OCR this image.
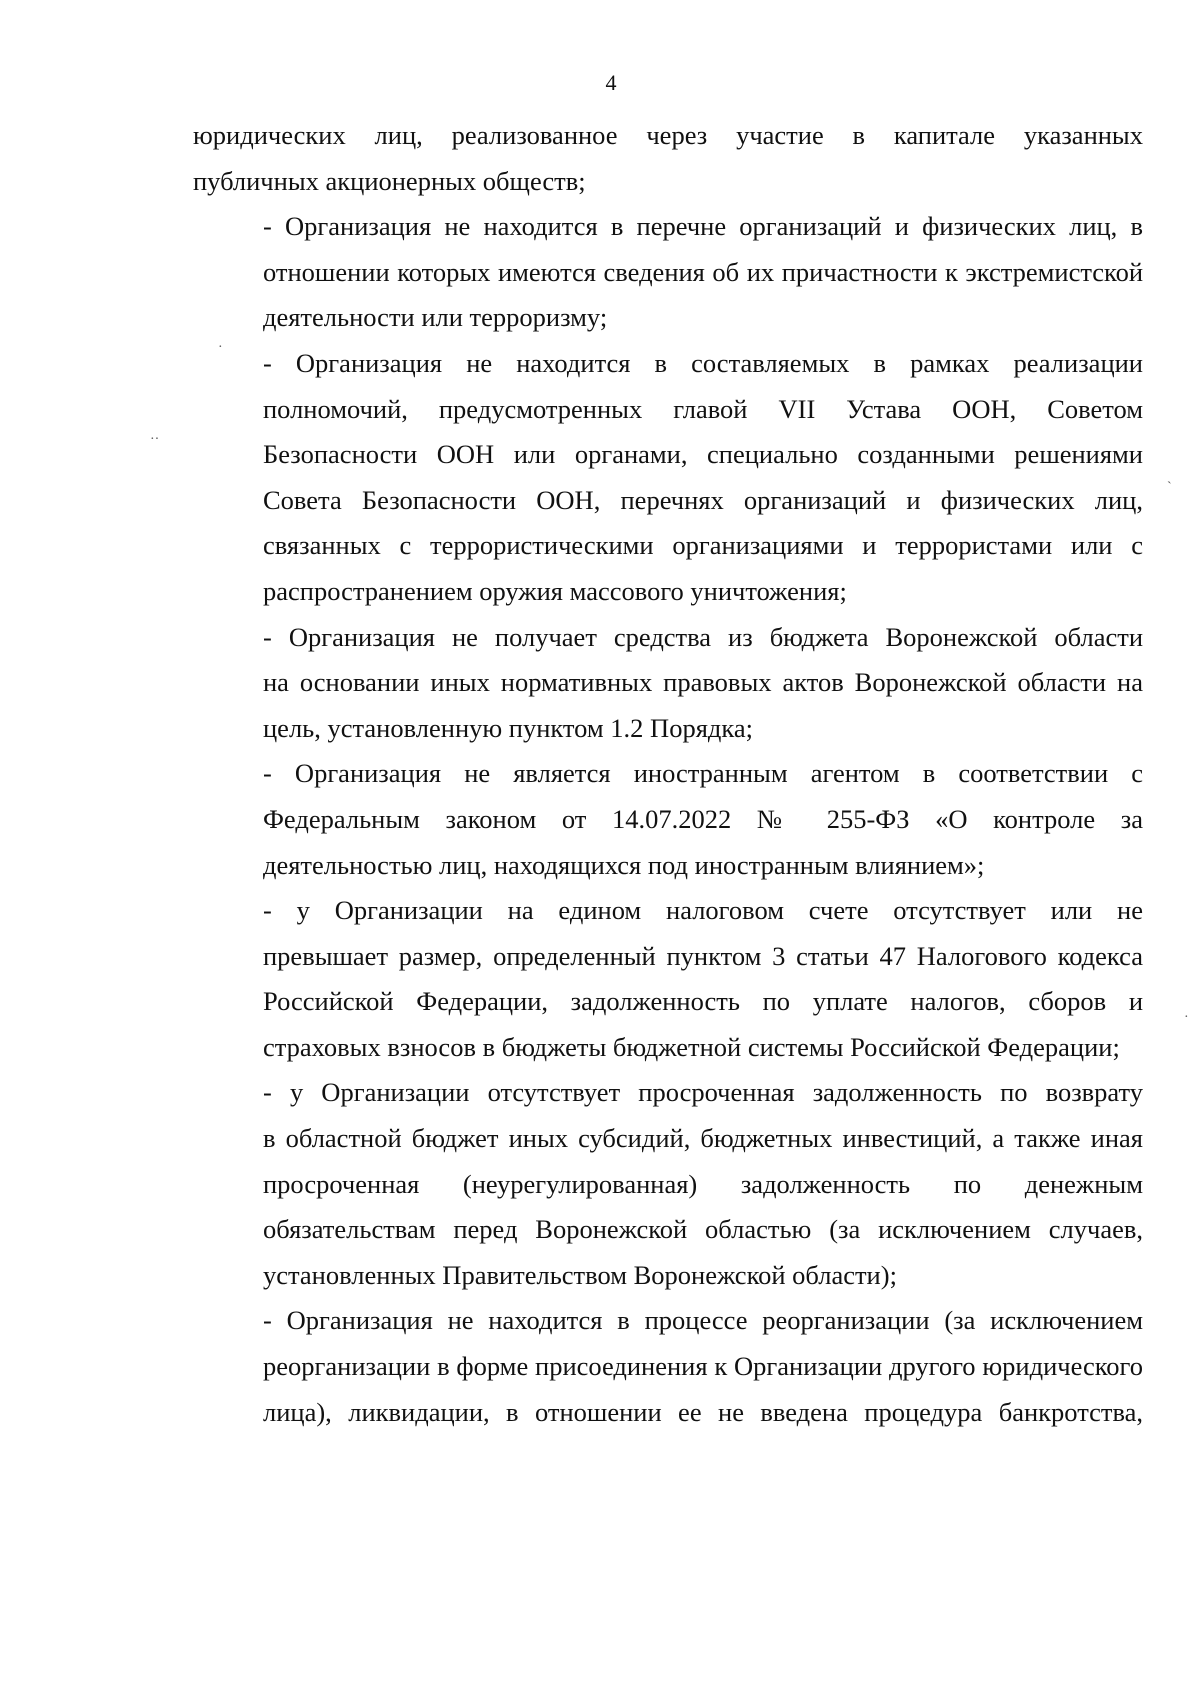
4

юридических лиц, реализованное через участие в капитале указанных
публичных акционерных обществ;

- Организация не находится в перечне организаций и физических лиц, в
отношении которых имеются сведения об их причастности к экстремистской
деятельности или терроризму;

- Организация не находится в составляемых в рамках реализации
полномочий, предусмотренных главой VII Устава ООН, Советом
Безопасности ООН или органами, специально созданными решениями
Совета Безопасности ООН, перечнях организаций и физических лиц,
связанных с террористическими организациями и террористами или с
распространением оружия массового уничтожения;

- Организация не получает средства из бюджета Воронежской области
на основании иных нормативных правовых актов Воронежской области на
цель, установленную пунктом 1.2 Порядка;

- Организация не является иностранным агентом в соответствии с
Федеральным законом от 14.07.2022 № 255-ФЗ «О контроле за
деятельностью лиц, находящихся под иностранным влиянием»;

- у Организации на едином налоговом счете отсутствует или не
превышает размер, определенный пунктом 3 статьи 47 Налогового кодекса
Российской Федерации, задолженность по уплате налогов, сборов и
страховых взносов в бюджеты бюджетной системы Российской Федерации;

- у Организации отсутствует просроченная задолженность по возврату
в областной бюджет иных субсидий, бюджетных инвестиций, а также иная
просроченная (неурегулированная) задолженность по денежным
обязательствам перед Воронежской областью (за исключением случаев,
установленных Правительством Воронежской области);

- Организация не находится в процессе реорганизации (за исключением
реорганизации в форме присоединения к Организации другого юридического
лица), ликвидации, в отношении ее не введена процедура банкротства,

·
··
`
·
